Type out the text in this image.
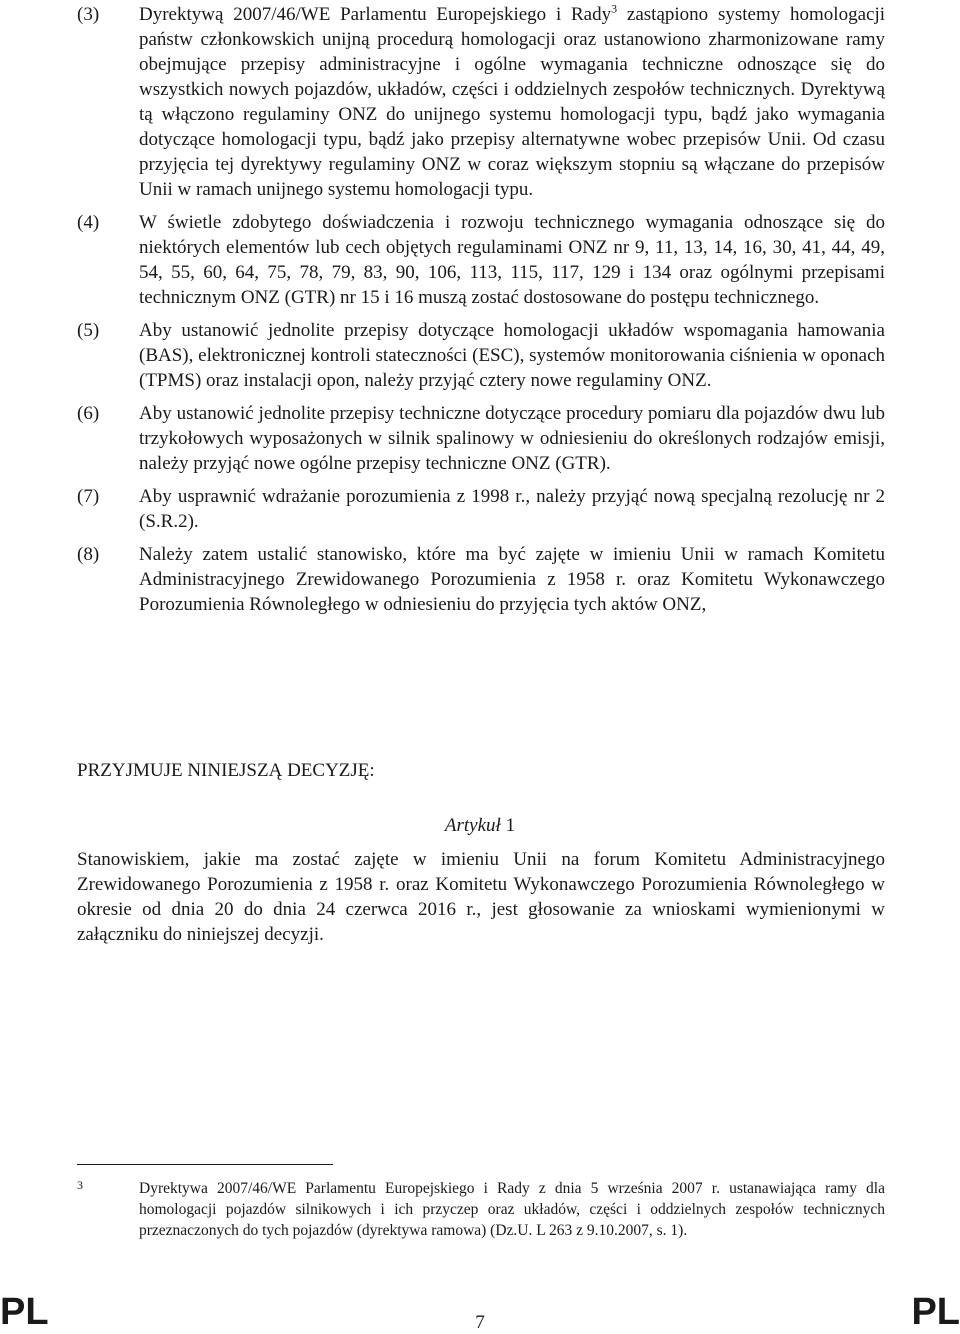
(3)	Dyrektywą 2007/46/WE Parlamentu Europejskiego i Rady$^3$ zastąpiono systemy homologacji państw członkowskich unijną procedurą homologacji oraz ustanowiono zharmonizowane ramy obejmujące przepisy administracyjne i ogólne wymagania techniczne odnoszące się do wszystkich nowych pojazdów, układów, części i oddzielnych zespołów technicznych. Dyrektywą tą włączono regulaminy ONZ do unijnego systemu homologacji typu, bądź jako wymagania dotyczące homologacji typu, bądź jako przepisy alternatywne wobec przepisów Unii. Od czasu przyjęcia tej dyrektywy regulaminy ONZ w coraz większym stopniu są włączane do przepisów Unii w ramach unijnego systemu homologacji typu.
(4)	W świetle zdobytego doświadczenia i rozwoju technicznego wymagania odnoszące się do niektórych elementów lub cech objętych regulaminami ONZ nr 9, 11, 13, 14, 16, 30, 41, 44, 49, 54, 55, 60, 64, 75, 78, 79, 83, 90, 106, 113, 115, 117, 129 i 134 oraz ogólnymi przepisami technicznym ONZ (GTR) nr 15 i 16 muszą zostać dostosowane do postępu technicznego.
(5)	Aby ustanowić jednolite przepisy dotyczące homologacji układów wspomagania hamowania (BAS), elektronicznej kontroli stateczności (ESC), systemów monitorowania ciśnienia w oponach (TPMS) oraz instalacji opon, należy przyjąć cztery nowe regulaminy ONZ.
(6)	Aby ustanowić jednolite przepisy techniczne dotyczące procedury pomiaru dla pojazdów dwu lub trzykołowych wyposażonych w silnik spalinowy w odniesieniu do określonych rodzajów emisji, należy przyjąć nowe ogólne przepisy techniczne ONZ (GTR).
(7)	Aby usprawnić wdrażanie porozumienia z 1998 r., należy przyjąć nową specjalną rezolucję nr 2 (S.R.2).
(8)	Należy zatem ustalić stanowisko, które ma być zajęte w imieniu Unii w ramach Komitetu Administracyjnego Zrewidowanego Porozumienia z 1958 r. oraz Komitetu Wykonawczego Porozumienia Równoległego w odniesieniu do przyjęcia tych aktów ONZ,
PRZYJMUJE NINIEJSZĄ DECYZJĘ:
Artykuł 1
Stanowiskiem, jakie ma zostać zajęte w imieniu Unii na forum Komitetu Administracyjnego Zrewidowanego Porozumienia z 1958 r. oraz Komitetu Wykonawczego Porozumienia Równoległego w okresie od dnia 20 do dnia 24 czerwca 2016 r., jest głosowanie za wnioskami wymienionymi w załączniku do niniejszej decyzji.
3	Dyrektywa 2007/46/WE Parlamentu Europejskiego i Rady z dnia 5 września 2007 r. ustanawiająca ramy dla homologacji pojazdów silnikowych i ich przyczep oraz układów, części i oddzielnych zespołów technicznych przeznaczonych do tych pojazdów (dyrektywa ramowa) (Dz.U. L 263 z 9.10.2007, s. 1).
PL	7	PL
